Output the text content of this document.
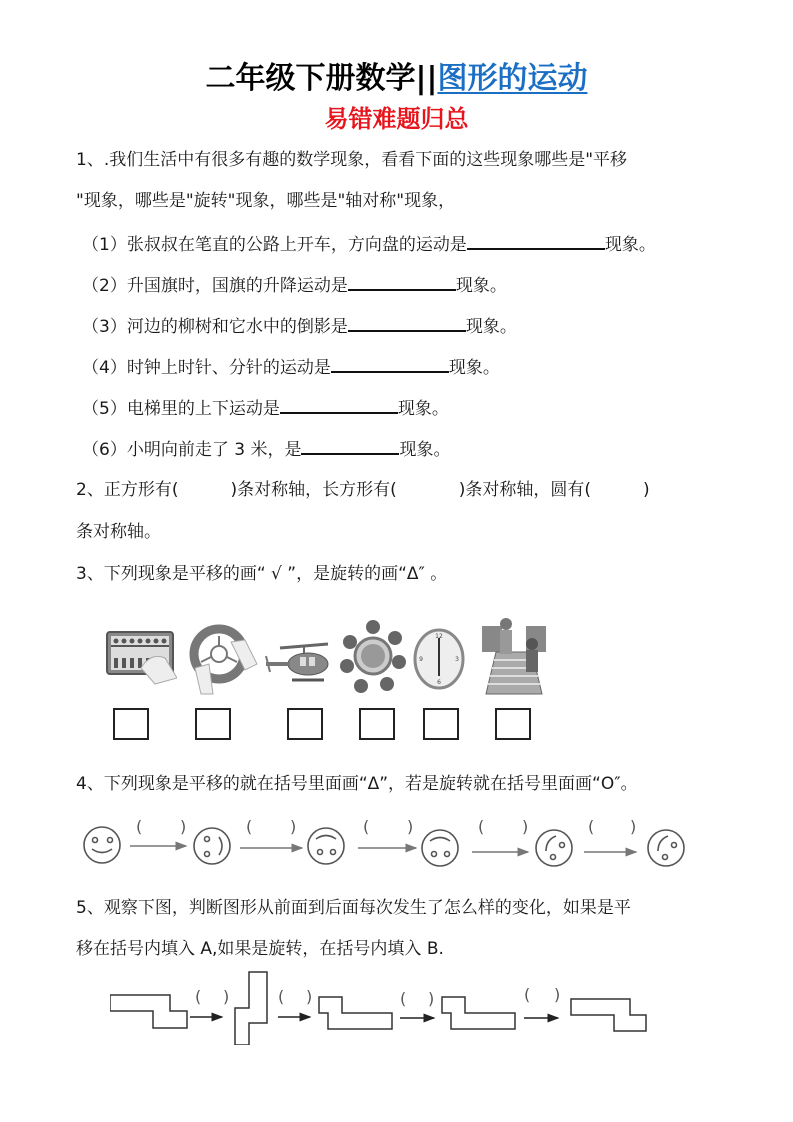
二年级下册数学||图形的运动
易错难题归总
1、.我们生活中有很多有趣的数学现象，看看下面的这些现象哪些是"平移
"现象，哪些是"旋转"现象，哪些是"轴对称"现象，
（1）张叔叔在笔直的公路上开车，方向盘的运动是	现象。
（2）升国旗时，国旗的升降运动是	现象。
（3）河边的柳树和它水中的倒影是	现象。
（4）时钟上时针、分针的运动是	现象。
（5）电梯里的上下运动是	现象。
（6）小明向前走了 3 米，是	现象。
2、正方形有(	)条对称轴，长方形有(	)条对称轴，圆有(	)
条对称轴。
3、下列现象是平移的画“ √ ”，是旋转的画“Δ″ 。
12
3
6
9
4、下列现象是平移的就在括号里面画“Δ”，若是旋转就在括号里面画“O″。
( )	( )	( )	( )	( )
5、观察下图，判断图形从前面到后面每次发生了怎么样的变化，如果是平
移在括号内填入 A,如果是旋转，在括号内填入 B.
( )	( )	( )	( )
